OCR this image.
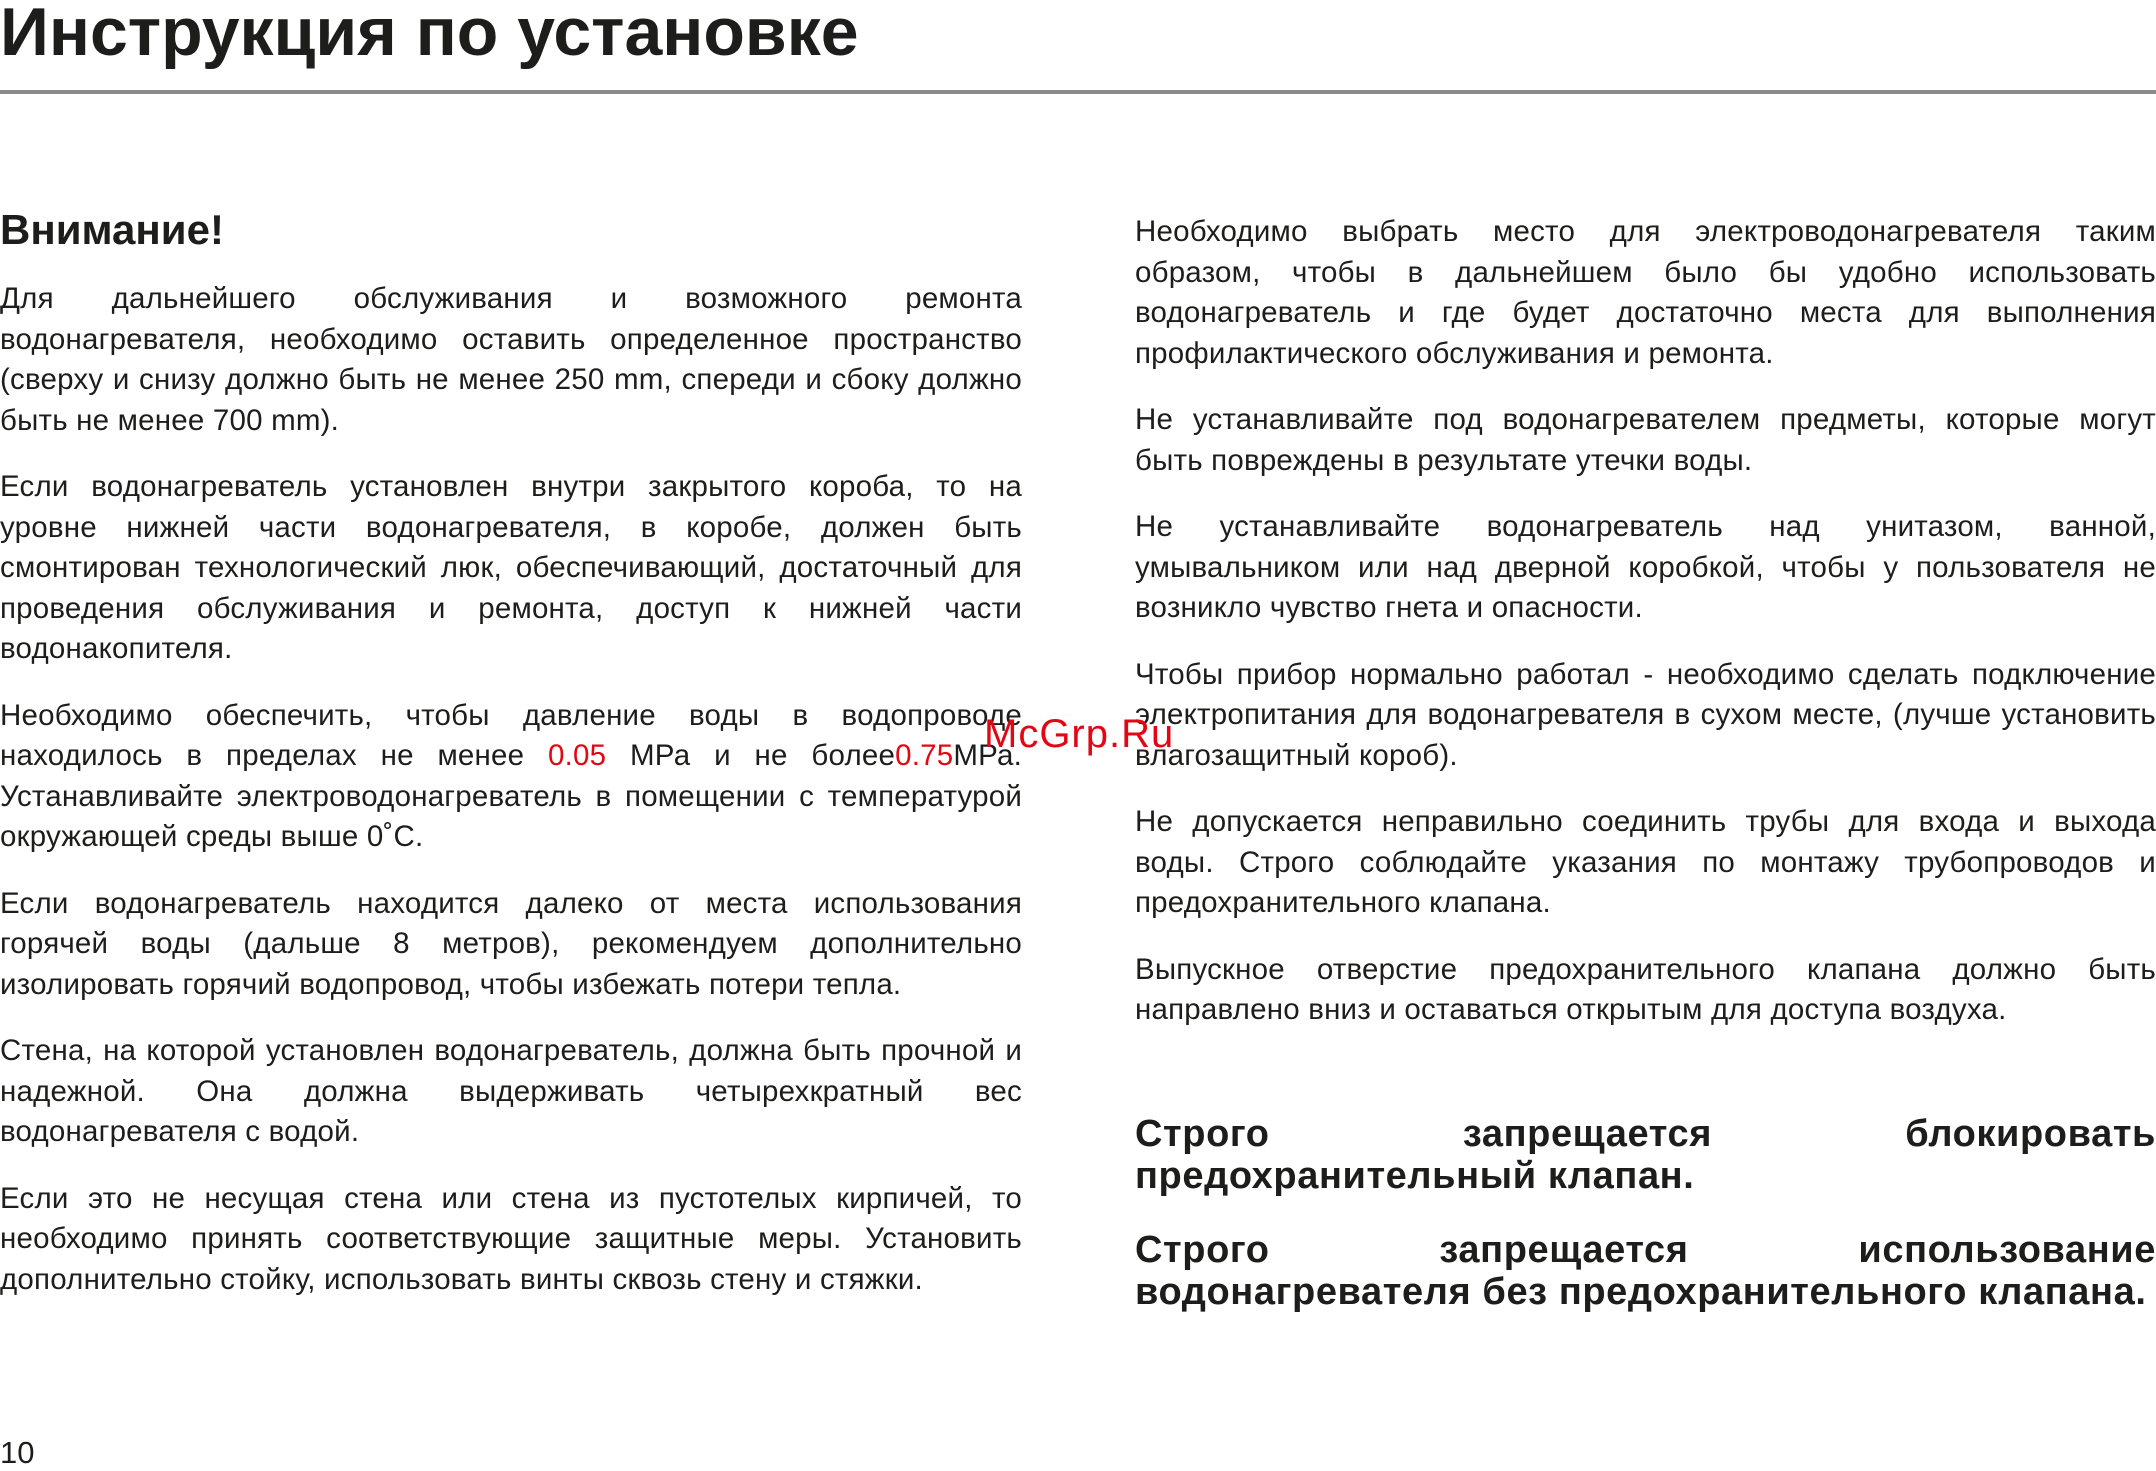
Инструкция по установке
Внимание!

Для дальнейшего обслуживания и возможного ремонта водонагревателя, необходимо оставить определенное пространство (сверху и снизу должно быть не менее 250 mm, спереди и сбоку должно быть не менее 700 mm).

Если водонагреватель установлен внутри закрытого короба, то на уровне нижней части водонагревателя, в коробе, должен быть смонтирован технологический люк, обеспечивающий, достаточный для проведения обслуживания и ремонта, доступ к нижней части водонакопителя.

Необходимо обеспечить, чтобы давление воды в водопроводе находилось в пределах не менее 0.05 МРа и не более0.75МРа. Устанавливайте электроводонагреватель в помещении с температурой окружающей среды выше 0˚С.

Если водонагреватель находится далеко от места использования горячей воды (дальше 8 метров), рекомендуем дополнительно изолировать горячий водопровод, чтобы избежать потери тепла.

Стена, на которой установлен водонагреватель, должна быть прочной и надежной. Она должна выдерживать четырехкратный вес водонагревателя с водой.

Если это не несущая стена или стена из пустотелых кирпичей, то необходимо принять соответствующие защитные меры. Установить дополнительно стойку, использовать винты сквозь стену и стяжки.

Необходимо выбрать место для электроводонагревателя таким образом, чтобы в дальнейшем было бы удобно использовать водонагреватель и где будет достаточно места для выполнения профилактического обслуживания и ремонта.

Не устанавливайте под водонагревателем предметы, которые могут быть повреждены в результате утечки воды.

Не устанавливайте водонагреватель над унитазом, ванной, умывальником или над дверной коробкой, чтобы у пользователя не возникло чувство гнета и опасности.

Чтобы прибор нормально работал - необходимо сделать подключение электропитания для водонагревателя в сухом месте, (лучше установить влагозащитный короб).

Не допускается неправильно соединить трубы для входа и выхода воды. Строго соблюдайте указания по монтажу трубопроводов и предохранительного клапана.

Выпускное отверстие предохранительного клапана должно быть направлено вниз и оставаться открытым для доступа воздуха.

Строго запрещается блокировать предохранительный клапан.

Строго запрещается использование водонагревателя без предохранительного клапана.

McGrp.Ru
10
